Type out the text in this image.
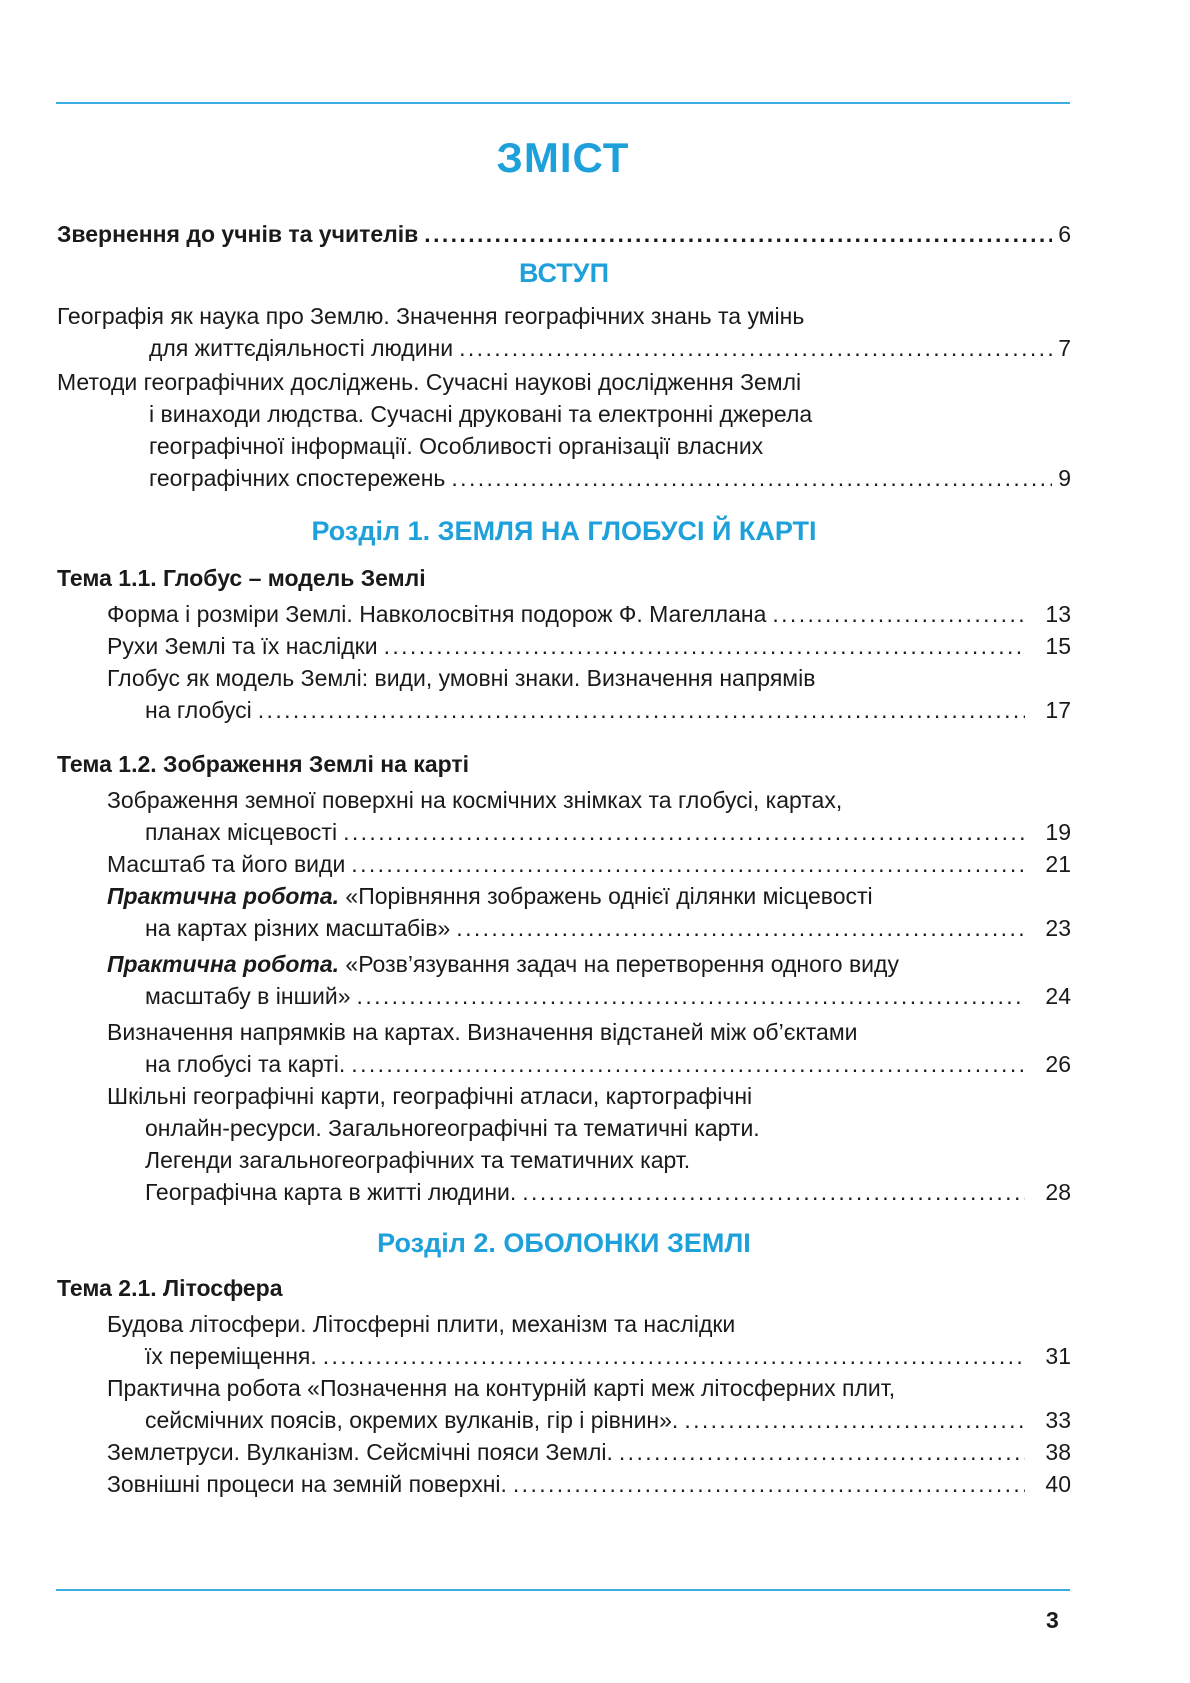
ЗМІСТ
Звернення до учнів та учителів . . .	6
ВСТУП
Географія як наука про Землю. Значення географічних знань та умінь
для життєдіяльності людини . . .	7
Методи географічних досліджень. Сучасні наукові дослідження Землі
і винаходи людства. Сучасні друковані та електронні джерела
географічної інформації. Особливості організації власних
географічних спостережень . . .	9
Розділ 1. ЗЕМЛЯ НА ГЛОБУСІ Й КАРТІ
Тема 1.1. Глобус – модель Землі
Форма і розміри Землі. Навколосвітня подорож Ф. Магеллана . . .	13
Рухи Землі та їх наслідки . . .	15
Глобус як модель Землі: види, умовні знаки. Визначення напрямів
на глобусі . . .	17
Тема 1.2. Зображення Землі на карті
Зображення земної поверхні на космічних знімках та глобусі, картах,
планах місцевості . . .	19
Масштаб та його види . . .	21
Практична робота. «Порівняння зображень однієї ділянки місцевості
на картах різних масштабів» . . .	23
Практична робота. «Розв’язування задач на перетворення одного виду
масштабу в інший» . . .	24
Визначення напрямків на картах. Визначення відстаней між об’єктами
на глобусі та карті. . . .	26
Шкільні географічні карти, географічні атласи, картографічні
онлайн-ресурси. Загальногеографічні та тематичні карти.
Легенди загальногеографічних та тематичних карт.
Географічна карта в житті людини. . . .	28
Розділ 2. ОБОЛОНКИ ЗЕМЛІ
Тема 2.1. Літосфера
Будова літосфери. Літосферні плити, механізм та наслідки
їх переміщення. . . .	31
Практична робота «Позначення на контурній карті меж літосферних плит,
сейсмічних поясів, окремих вулканів, гір і рівнин». . . .	33
Землетруси. Вулканізм. Сейсмічні пояси Землі. . . .	38
Зовнішні процеси на земній поверхні. . . .	40
3
